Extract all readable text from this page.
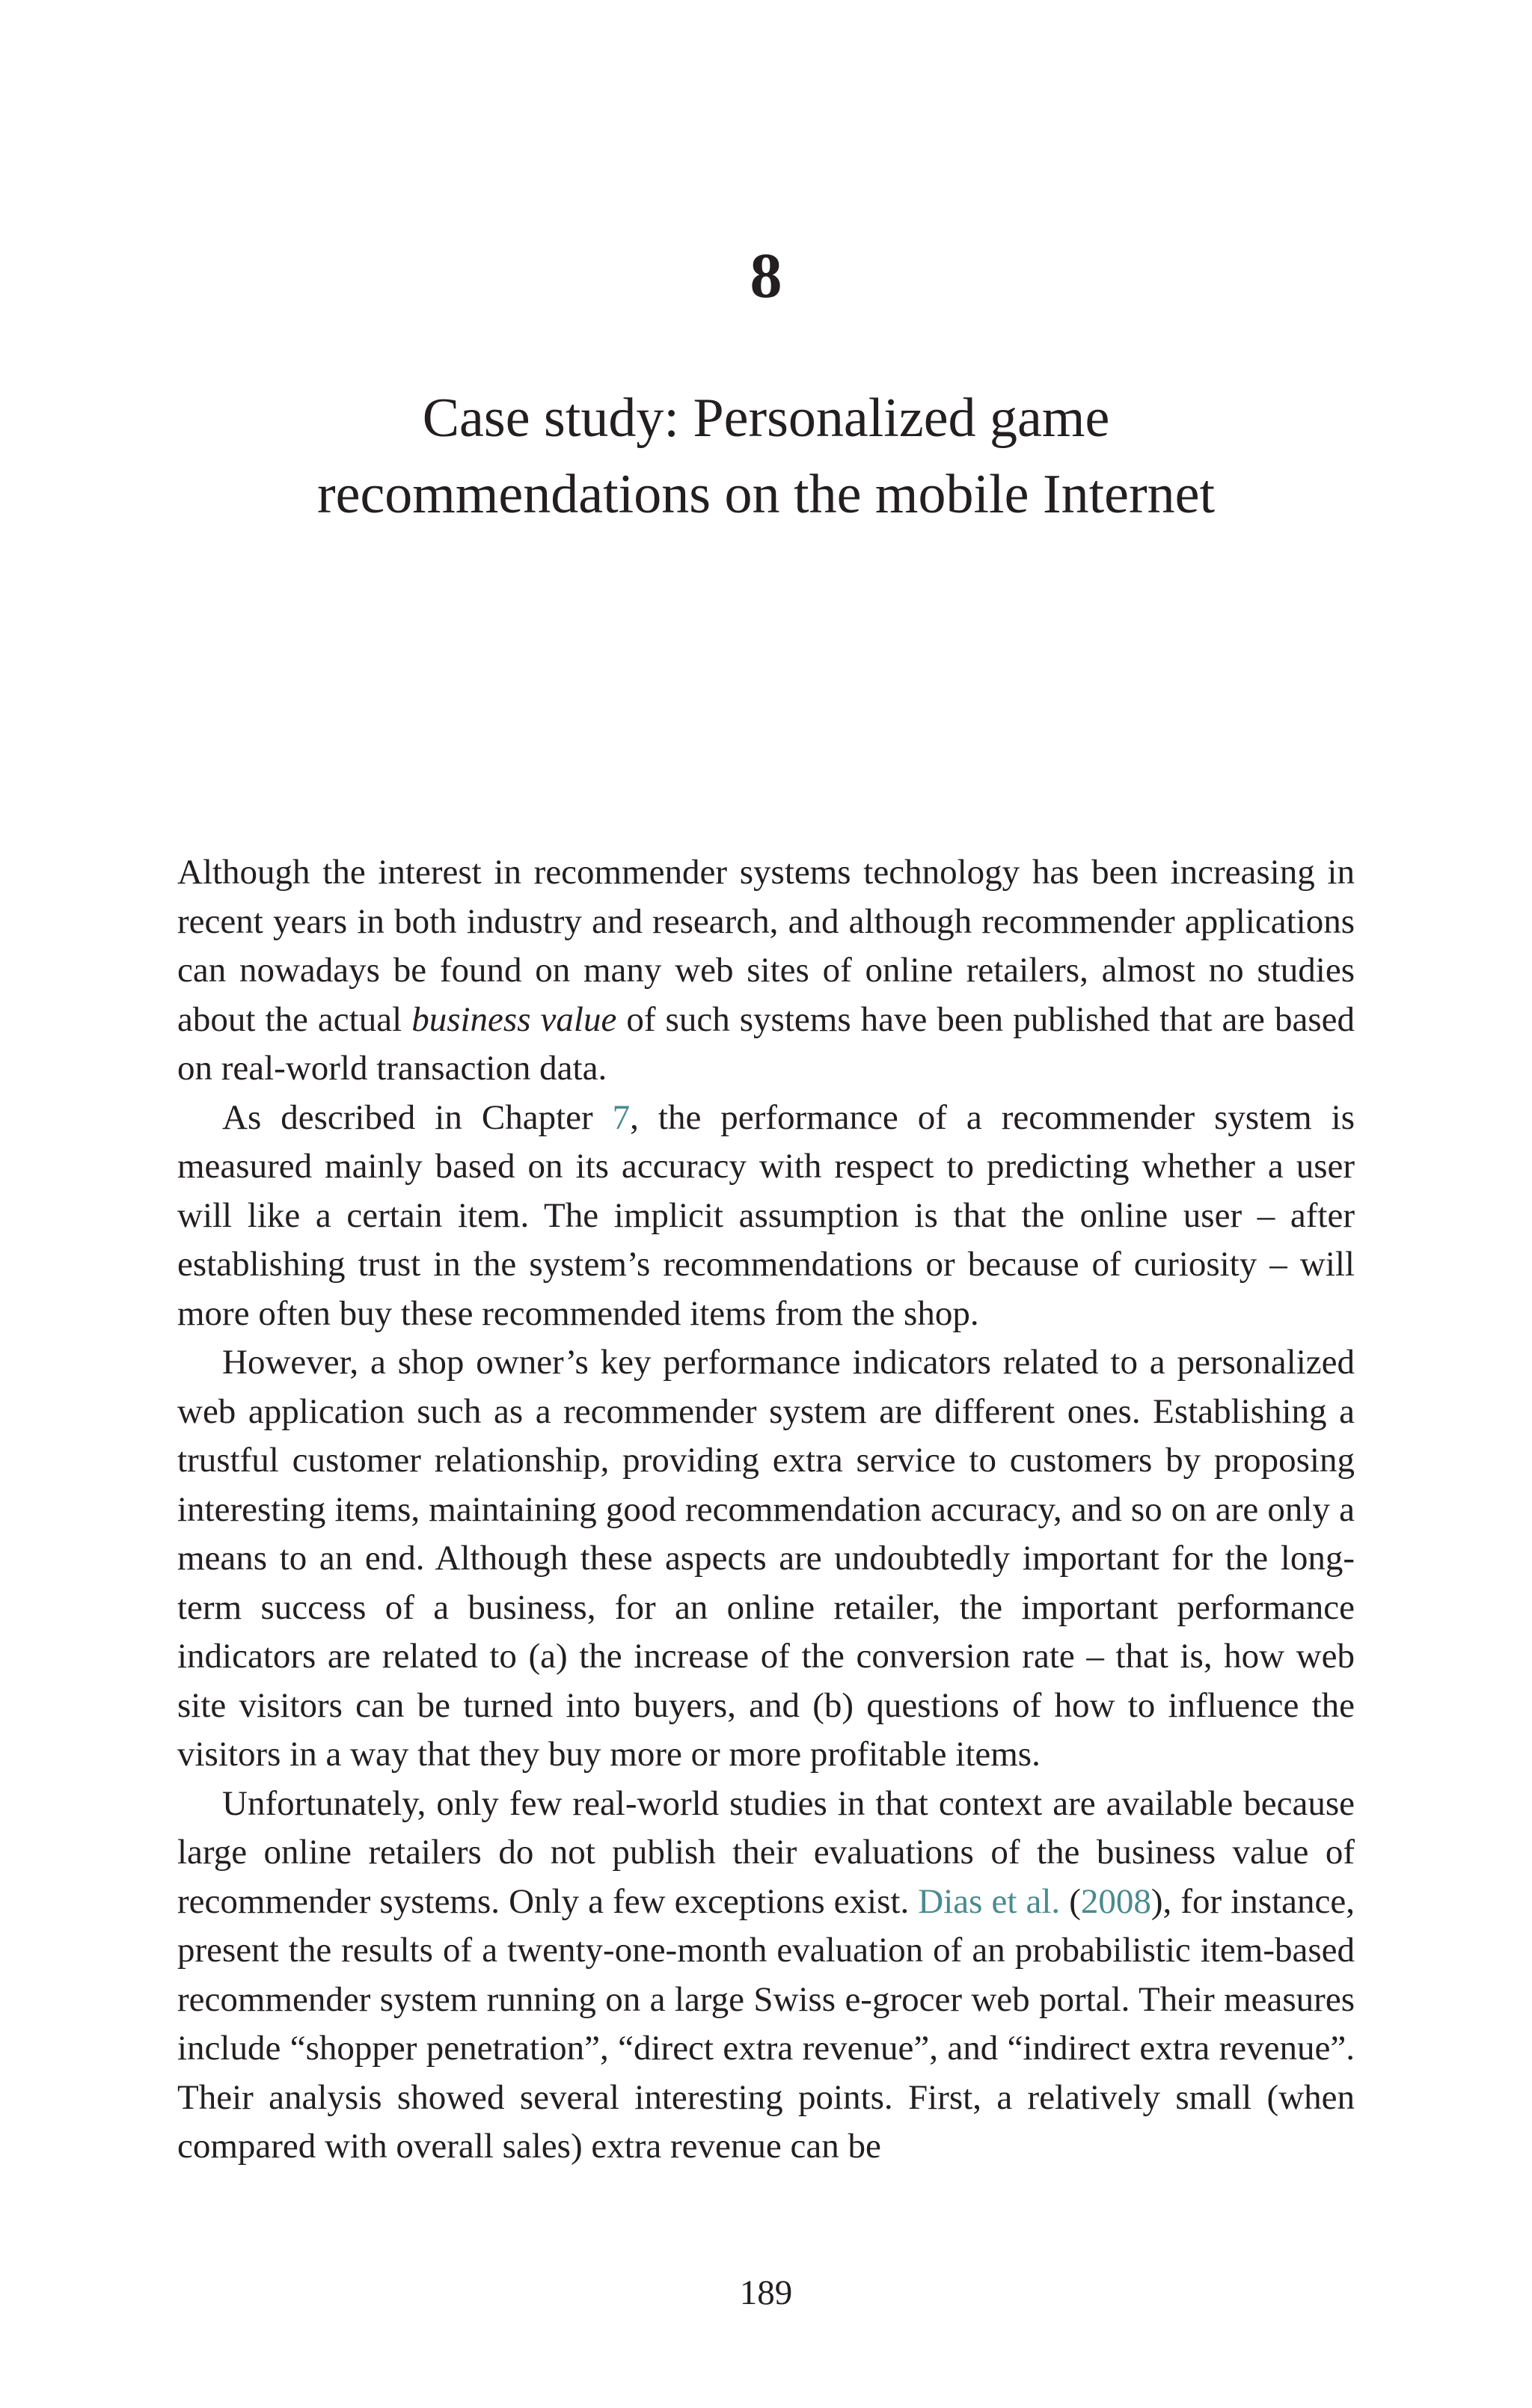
8
Case study: Personalized game
recommendations on the mobile Internet

Although the interest in recommender systems technology has been increasing in recent years in both industry and research, and although recommender applications can nowadays be found on many web sites of online retailers, almost no studies about the actual business value of such systems have been published that are based on real-world transaction data.

As described in Chapter 7, the performance of a recommender system is measured mainly based on its accuracy with respect to predicting whether a user will like a certain item. The implicit assumption is that the online user – after establishing trust in the system’s recommendations or because of curiosity – will more often buy these recommended items from the shop.

However, a shop owner’s key performance indicators related to a personalized web application such as a recommender system are different ones. Establishing a trustful customer relationship, providing extra service to customers by proposing interesting items, maintaining good recommendation accuracy, and so on are only a means to an end. Although these aspects are undoubtedly important for the long-term success of a business, for an online retailer, the important performance indicators are related to (a) the increase of the conversion rate – that is, how web site visitors can be turned into buyers, and (b) questions of how to influence the visitors in a way that they buy more or more profitable items.

Unfortunately, only few real-world studies in that context are available because large online retailers do not publish their evaluations of the business value of recommender systems. Only a few exceptions exist. Dias et al. (2008), for instance, present the results of a twenty-one-month evaluation of an probabilistic item-based recommender system running on a large Swiss e-grocer web portal. Their measures include “shopper penetration”, “direct extra revenue”, and “indirect extra revenue”. Their analysis showed several interesting points. First, a relatively small (when compared with overall sales) extra revenue can be

189
